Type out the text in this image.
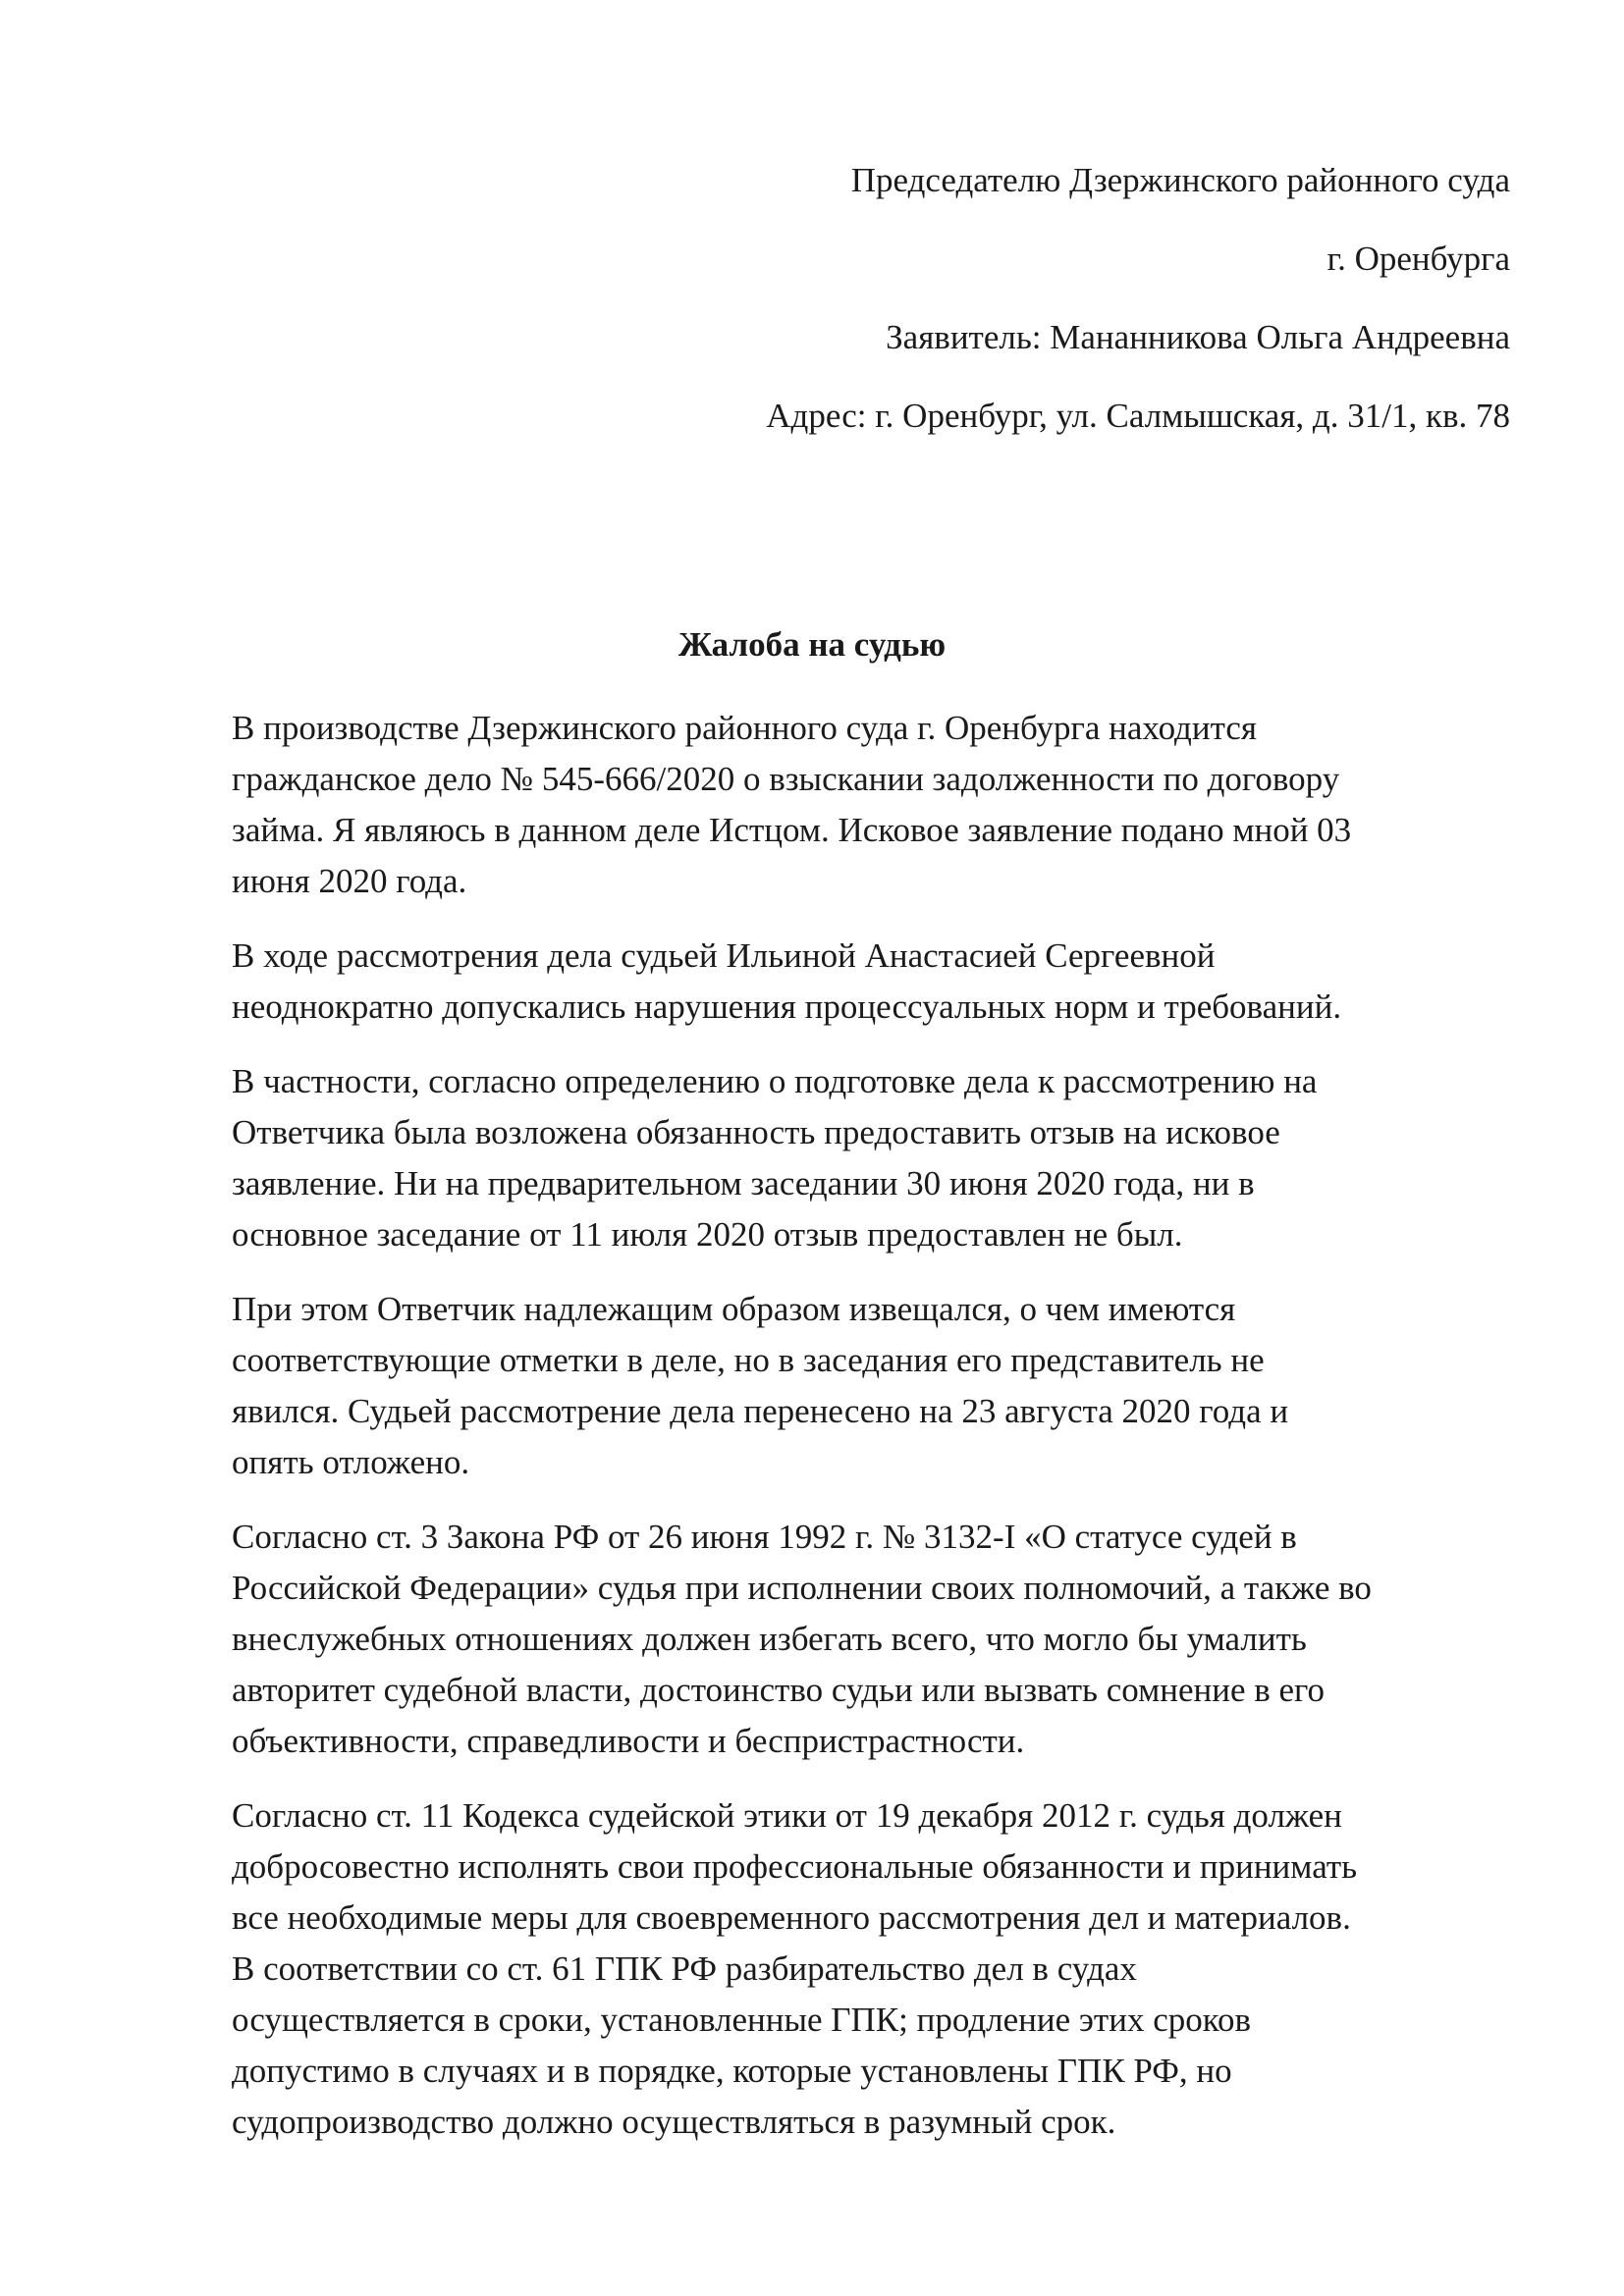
Председателю Дзержинского районного суда
г. Оренбурга
Заявитель: Мананникова Ольга Андреевна
Адрес: г. Оренбург, ул. Салмышская, д. 31/1, кв. 78
Жалоба на судью
В производстве Дзержинского районного суда г. Оренбурга находится
гражданское дело № 545-666/2020 о взыскании задолженности по договору
займа. Я являюсь в данном деле Истцом. Исковое заявление подано мной 03
июня 2020 года.
В ходе рассмотрения дела судьей Ильиной Анастасией Сергеевной
неоднократно допускались нарушения процессуальных норм и требований.
В частности, согласно определению о подготовке дела к рассмотрению на
Ответчика была возложена обязанность предоставить отзыв на исковое
заявление. Ни на предварительном заседании 30 июня 2020 года, ни в
основное заседание от 11 июля 2020 отзыв предоставлен не был.
При этом Ответчик надлежащим образом извещался, о чем имеются
соответствующие отметки в деле, но в заседания его представитель не
явился. Судьей рассмотрение дела перенесено на 23 августа 2020 года и
опять отложено.
Согласно ст. 3 Закона РФ от 26 июня 1992 г. № 3132-I «О статусе судей в
Российской Федерации» судья при исполнении своих полномочий, а также во
внеслужебных отношениях должен избегать всего, что могло бы умалить
авторитет судебной власти, достоинство судьи или вызвать сомнение в его
объективности, справедливости и беспристрастности.
Согласно ст. 11 Кодекса судейской этики от 19 декабря 2012 г. судья должен
добросовестно исполнять свои профессиональные обязанности и принимать
все необходимые меры для своевременного рассмотрения дел и материалов.
В соответствии со ст. 61 ГПК РФ разбирательство дел в судах
осуществляется в сроки, установленные ГПК; продление этих сроков
допустимо в случаях и в порядке, которые установлены ГПК РФ, но
судопроизводство должно осуществляться в разумный срок.
